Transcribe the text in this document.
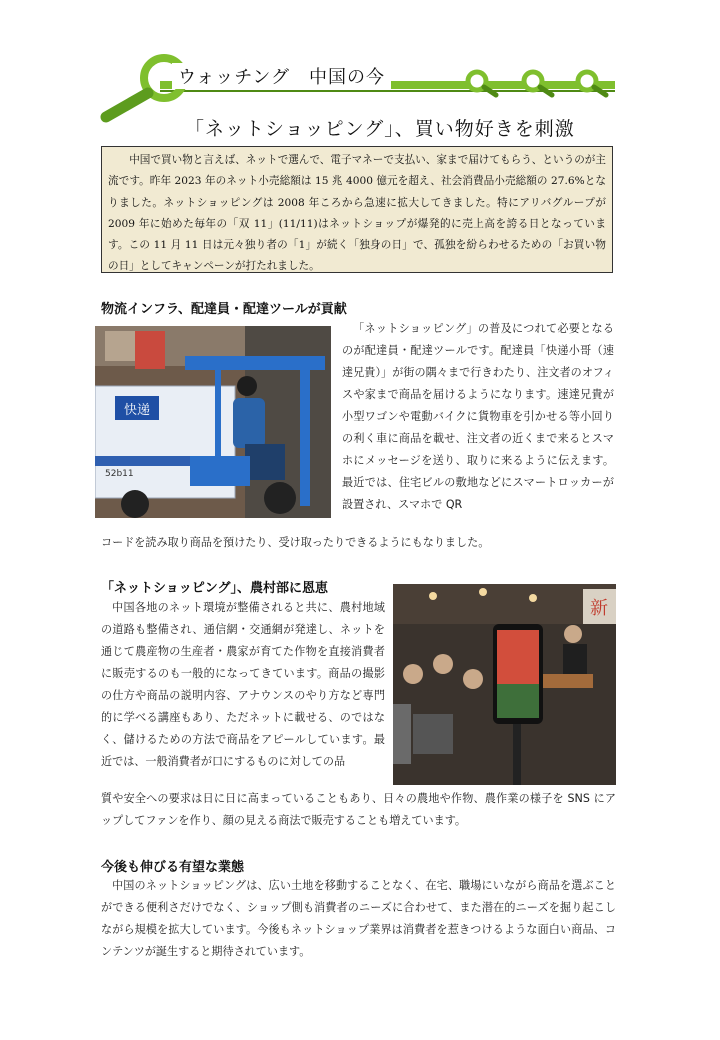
ウォッチング　中国の今
「ネットショッピング」、買い物好きを刺激
中国で買い物と言えば、ネットで選んで、電子マネーで支払い、家まで届けてもらう、というのが主流です。昨年 2023 年のネット小売総額は 15 兆 4000 億元を超え、社会消費品小売総額の 27.6%となりました。ネットショッピングは 2008 年ころから急速に拡大してきました。特にアリバグループが 2009 年に始めた毎年の「双 11」(11/11)はネットショップが爆発的に売上高を誇る日となっています。この 11 月 11 日は元々独り者の「1」が続く「独身の日」で、孤独を紛らわせるための「お買い物の日」としてキャンペーンが打たれました。
物流インフラ、配達員・配達ツールが貢献
快递
52b11
「ネットショッピング」の普及につれて必要となるのが配達員・配達ツールです。配達員「快递小哥（速達兄貴）」が街の隅々まで行きわたり、注文者のオフィスや家まで商品を届けるようになります。速達兄貴が小型ワゴンや電動バイクに貨物車を引かせる等小回りの利く車に商品を載せ、注文者の近くまで来るとスマホにメッセージを送り、取りに来るように伝えます。最近では、住宅ビルの敷地などにスマートロッカーが設置され、スマホで QR
コードを読み取り商品を預けたり、受け取ったりできるようにもなりました。
「ネットショッピング」、農村部に恩恵
中国各地のネット環境が整備されると共に、農村地域の道路も整備され、通信網・交通網が発達し、ネットを通じて農産物の生産者・農家が育てた作物を直接消費者に販売するのも一般的になってきています。商品の撮影の仕方や商品の説明内容、アナウンスのやり方など専門的に学べる講座もあり、ただネットに載せる、のではなく、儲けるための方法で商品をアピールしています。最近では、一般消費者が口にするものに対しての品
新
質や安全への要求は日に日に高まっていることもあり、日々の農地や作物、農作業の様子を SNS にアップしてファンを作り、顔の見える商法で販売することも増えています。
今後も伸びる有望な業態
中国のネットショッピングは、広い土地を移動することなく、在宅、職場にいながら商品を選ぶことができる便利さだけでなく、ショップ側も消費者のニーズに合わせて、また潜在的ニーズを掘り起こしながら規模を拡大しています。今後もネットショップ業界は消費者を惹きつけるような面白い商品、コンテンツが誕生すると期待されています。
